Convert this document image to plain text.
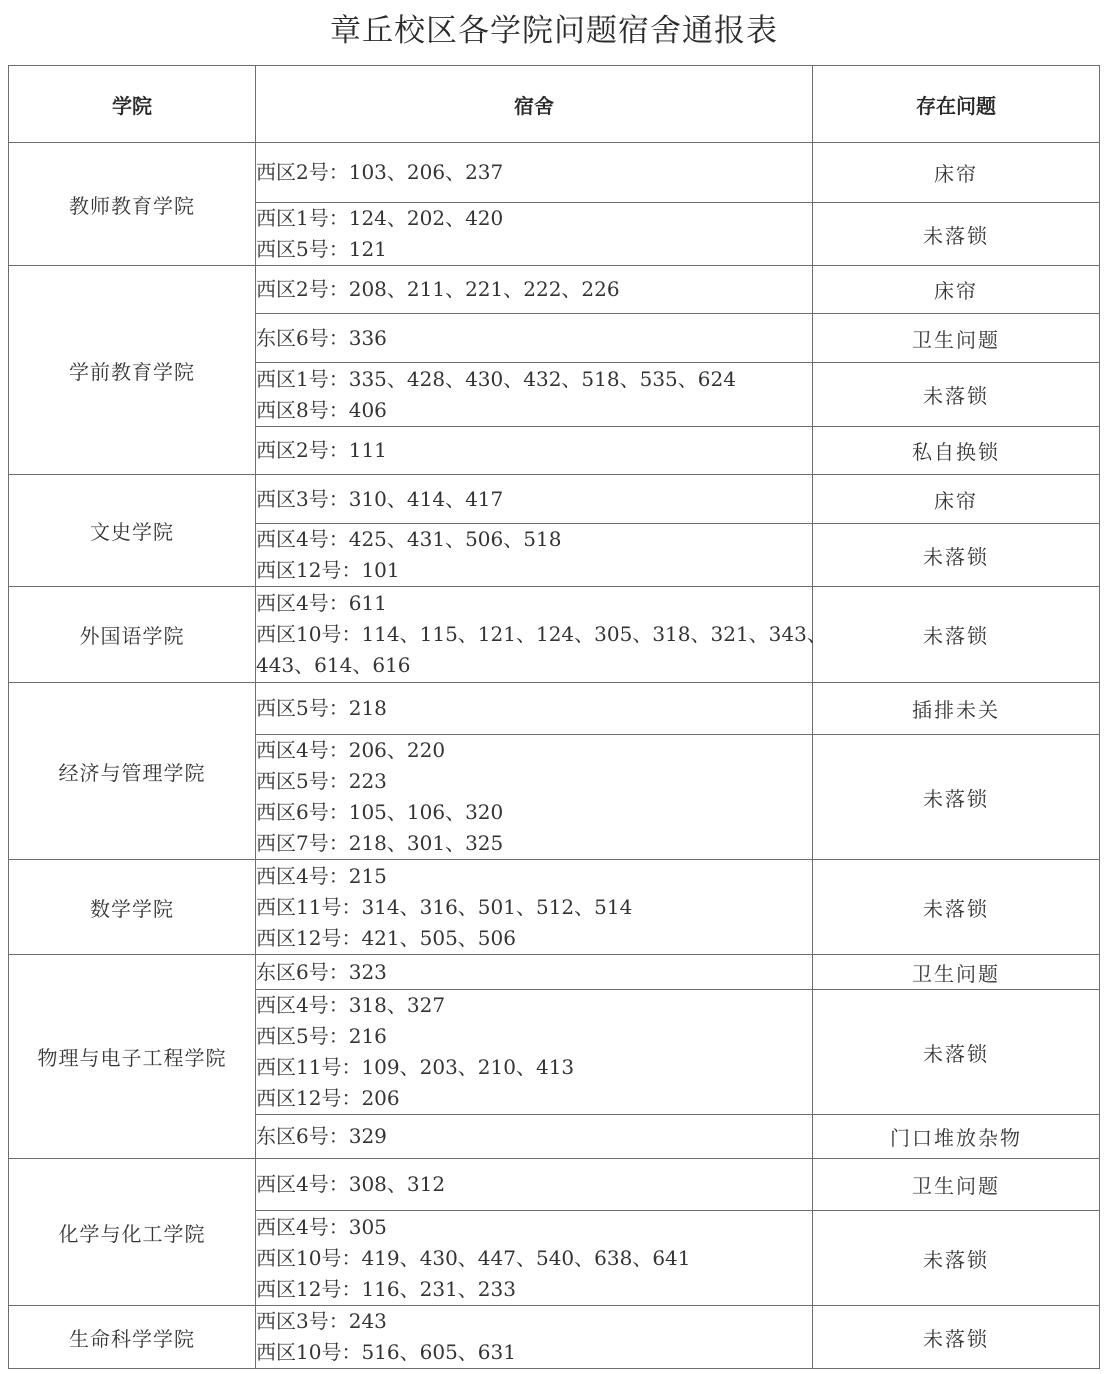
章丘校区各学院问题宿舍通报表
学院	宿舍	存在问题
教师教育学院	西区2号：103、206、237	床帘

	西区1号：124、202、420
西区5号：121	未落锁
学前教育学院	西区2号：208、211、221、222、226	床帘

	东区6号：336	卫生问题

	西区1号：335、428、430、432、518、535、624
西区8号：406	未落锁

	西区2号：111	私自换锁
文史学院	西区3号：310、414、417	床帘

	西区4号：425、431、506、518
西区12号：101	未落锁
外国语学院	西区4号：611
西区10号：114、115、121、124、305、318、321、343、
443、614、616	未落锁
经济与管理学院	西区5号：218	插排未关

	西区4号：206、220
西区5号：223
西区6号：105、106、320
西区7号：218、301、325	未落锁
数学学院	西区4号：215
西区11号：314、316、501、512、514
西区12号：421、505、506	未落锁
物理与电子工程学院	东区6号：323	卫生问题

	西区4号：318、327
西区5号：216
西区11号：109、203、210、413
西区12号：206	未落锁

	东区6号：329	门口堆放杂物
化学与化工学院	西区4号：308、312	卫生问题

	西区4号：305
西区10号：419、430、447、540、638、641
西区12号：116、231、233	未落锁
生命科学学院	西区3号：243
西区10号：516、605、631	未落锁
